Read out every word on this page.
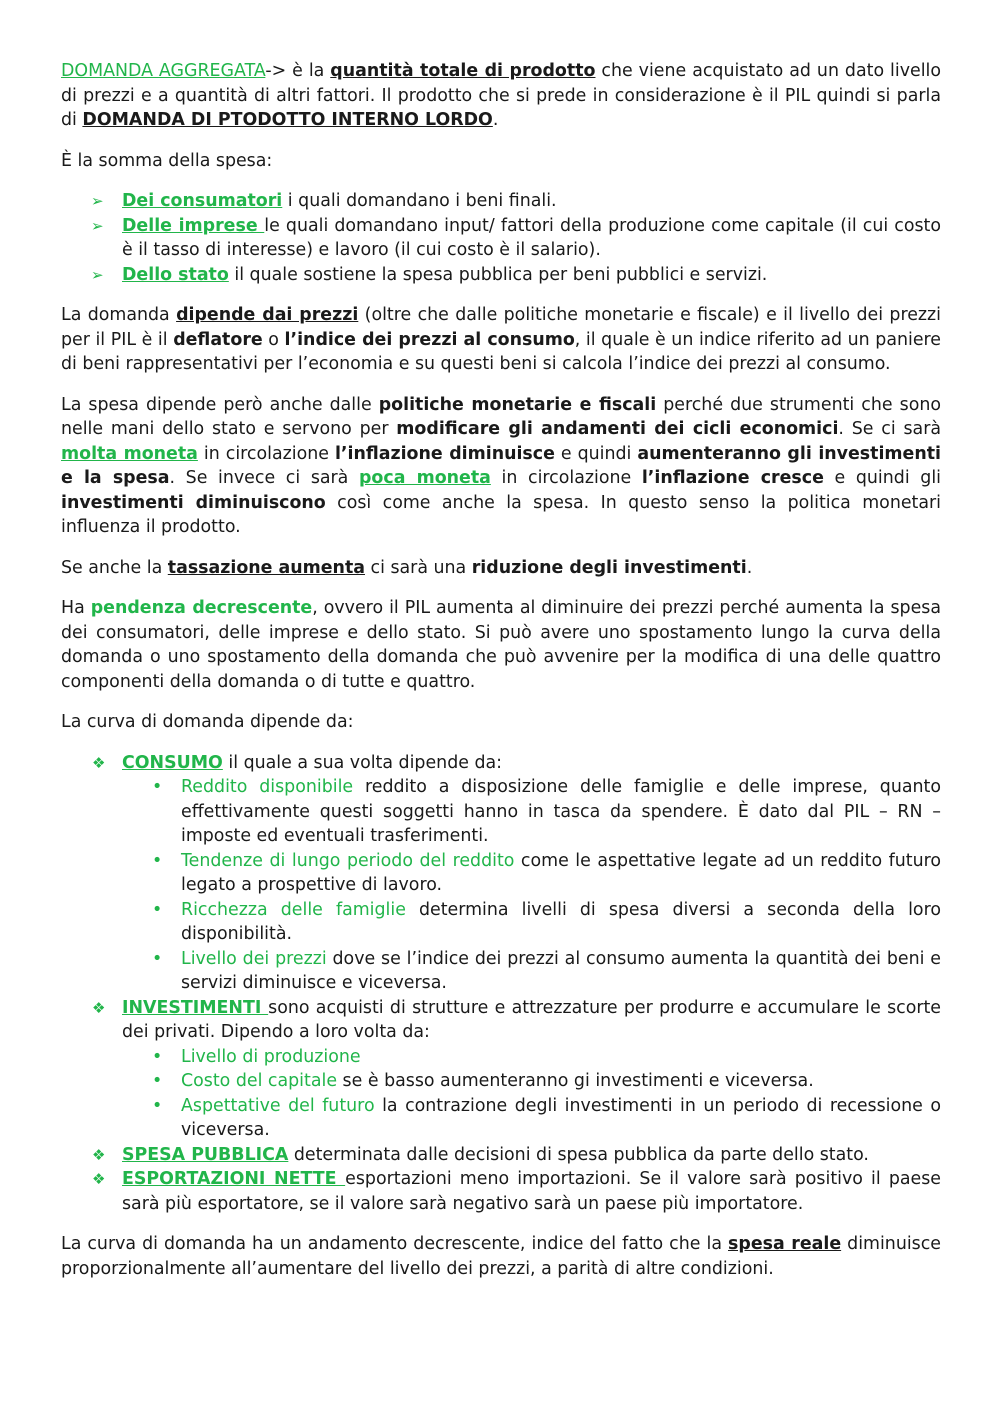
DOMANDA AGGREGATA-> è la quantità totale di prodotto che viene acquistato ad un dato livello di prezzi e a quantità di altri fattori. Il prodotto che si prede in considerazione è il PIL quindi si parla di DOMANDA DI PTODOTTO INTERNO LORDO.

È la somma della spesa:

➢ Dei consumatori i quali domandano i beni finali.
➢ Delle imprese le quali domandano input/ fattori della produzione come capitale (il cui costo è il tasso di interesse) e lavoro (il cui costo è il salario).
➢ Dello stato il quale sostiene la spesa pubblica per beni pubblici e servizi.

La domanda dipende dai prezzi (oltre che dalle politiche monetarie e fiscale) e il livello dei prezzi per il PIL è il deflatore o l’indice dei prezzi al consumo, il quale è un indice riferito ad un paniere di beni rappresentativi per l’economia e su questi beni si calcola l’indice dei prezzi al consumo.

La spesa dipende però anche dalle politiche monetarie e fiscali perché due strumenti che sono nelle mani dello stato e servono per modificare gli andamenti dei cicli economici. Se ci sarà molta moneta in circolazione l’inflazione diminuisce e quindi aumenteranno gli investimenti e la spesa. Se invece ci sarà poca moneta in circolazione l’inflazione cresce e quindi gli investimenti diminuiscono così come anche la spesa. In questo senso la politica monetari influenza il prodotto.

Se anche la tassazione aumenta ci sarà una riduzione degli investimenti.

Ha pendenza decrescente, ovvero il PIL aumenta al diminuire dei prezzi perché aumenta la spesa dei consumatori, delle imprese e dello stato. Si può avere uno spostamento lungo la curva della domanda o uno spostamento della domanda che può avvenire per la modifica di una delle quattro componenti della domanda o di tutte e quattro.

La curva di domanda dipende da:

❖ CONSUMO il quale a sua volta dipende da:
• Reddito disponibile reddito a disposizione delle famiglie e delle imprese, quanto effettivamente questi soggetti hanno in tasca da spendere. È dato dal PIL – RN – imposte ed eventuali trasferimenti.
• Tendenze di lungo periodo del reddito come le aspettative legate ad un reddito futuro legato a prospettive di lavoro.
• Ricchezza delle famiglie determina livelli di spesa diversi a seconda della loro disponibilità.
• Livello dei prezzi dove se l’indice dei prezzi al consumo aumenta la quantità dei beni e servizi diminuisce e viceversa.
❖ INVESTIMENTI sono acquisti di strutture e attrezzature per produrre e accumulare le scorte dei privati. Dipendo a loro volta da:
• Livello di produzione
• Costo del capitale se è basso aumenteranno gi investimenti e viceversa.
• Aspettative del futuro la contrazione degli investimenti in un periodo di recessione o viceversa.
❖ SPESA PUBBLICA determinata dalle decisioni di spesa pubblica da parte dello stato.
❖ ESPORTAZIONI NETTE esportazioni meno importazioni. Se il valore sarà positivo il paese sarà più esportatore, se il valore sarà negativo sarà un paese più importatore.

La curva di domanda ha un andamento decrescente, indice del fatto che la spesa reale diminuisce proporzionalmente all’aumentare del livello dei prezzi, a parità di altre condizioni.
